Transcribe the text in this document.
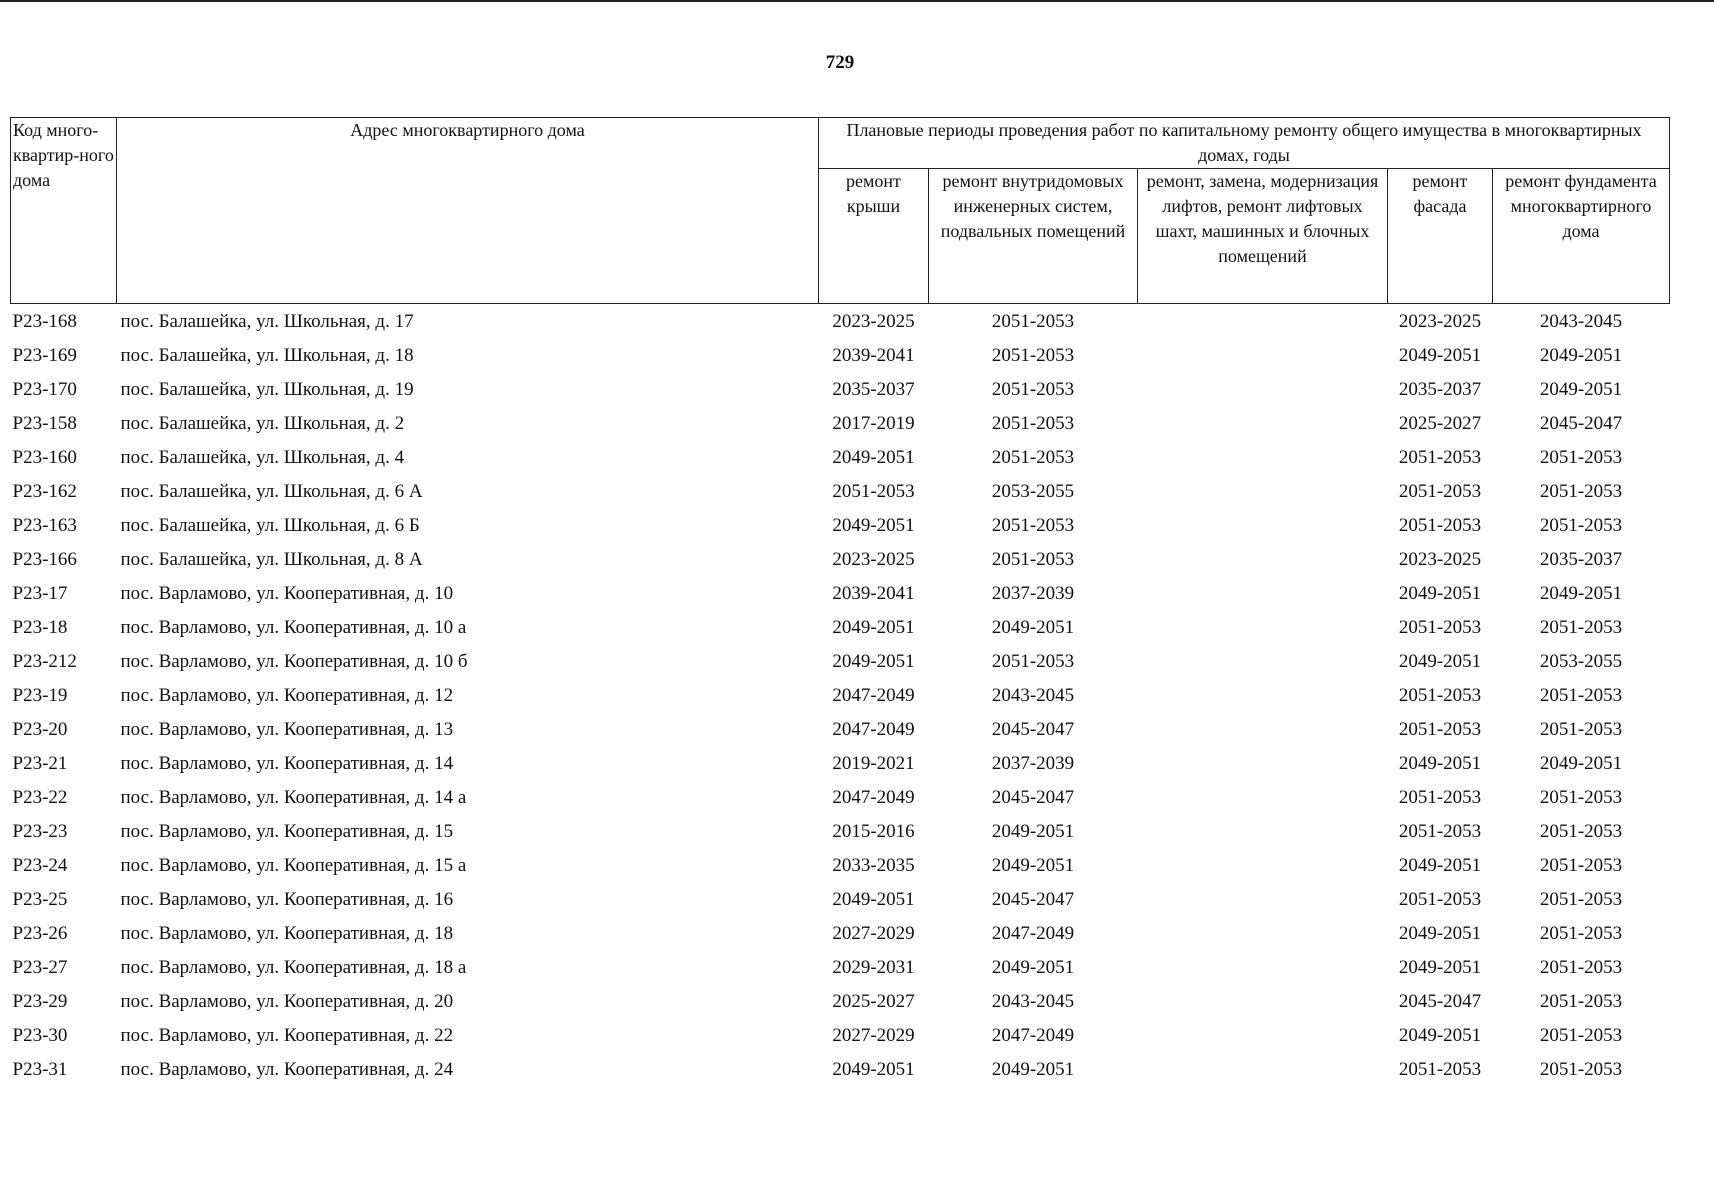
729
Код много-квартир-ного дома	Адрес многоквартирного дома	Плановые периоды проведения работ по капитальному ремонту общего имущества в многоквартирных домах, годы				
		ремонт крыши	ремонт внутридомовых инженерных систем, подвальных помещений	ремонт, замена, модернизация лифтов, ремонт лифтовых шахт, машинных и блочных помещений	ремонт фасада	ремонт фундамента многоквартирного дома
P23-168	пос. Балашейка, ул. Школьная, д. 17	2023-2025	2051-2053		2023-2025	2043-2045
P23-169	пос. Балашейка, ул. Школьная, д. 18	2039-2041	2051-2053		2049-2051	2049-2051
P23-170	пос. Балашейка, ул. Школьная, д. 19	2035-2037	2051-2053		2035-2037	2049-2051
P23-158	пос. Балашейка, ул. Школьная, д. 2	2017-2019	2051-2053		2025-2027	2045-2047
P23-160	пос. Балашейка, ул. Школьная, д. 4	2049-2051	2051-2053		2051-2053	2051-2053
P23-162	пос. Балашейка, ул. Школьная, д. 6 А	2051-2053	2053-2055		2051-2053	2051-2053
P23-163	пос. Балашейка, ул. Школьная, д. 6 Б	2049-2051	2051-2053		2051-2053	2051-2053
P23-166	пос. Балашейка, ул. Школьная, д. 8 А	2023-2025	2051-2053		2023-2025	2035-2037
P23-17	пос. Варламово, ул. Кооперативная, д. 10	2039-2041	2037-2039		2049-2051	2049-2051
P23-18	пос. Варламово, ул. Кооперативная, д. 10 а	2049-2051	2049-2051		2051-2053	2051-2053
P23-212	пос. Варламово, ул. Кооперативная, д. 10 б	2049-2051	2051-2053		2049-2051	2053-2055
P23-19	пос. Варламово, ул. Кооперативная, д. 12	2047-2049	2043-2045		2051-2053	2051-2053
P23-20	пос. Варламово, ул. Кооперативная, д. 13	2047-2049	2045-2047		2051-2053	2051-2053
P23-21	пос. Варламово, ул. Кооперативная, д. 14	2019-2021	2037-2039		2049-2051	2049-2051
P23-22	пос. Варламово, ул. Кооперативная, д. 14 а	2047-2049	2045-2047		2051-2053	2051-2053
P23-23	пос. Варламово, ул. Кооперативная, д. 15	2015-2016	2049-2051		2051-2053	2051-2053
P23-24	пос. Варламово, ул. Кооперативная, д. 15 а	2033-2035	2049-2051		2049-2051	2051-2053
P23-25	пос. Варламово, ул. Кооперативная, д. 16	2049-2051	2045-2047		2051-2053	2051-2053
P23-26	пос. Варламово, ул. Кооперативная, д. 18	2027-2029	2047-2049		2049-2051	2051-2053
P23-27	пос. Варламово, ул. Кооперативная, д. 18 а	2029-2031	2049-2051		2049-2051	2051-2053
P23-29	пос. Варламово, ул. Кооперативная, д. 20	2025-2027	2043-2045		2045-2047	2051-2053
P23-30	пос. Варламово, ул. Кооперативная, д. 22	2027-2029	2047-2049		2049-2051	2051-2053
P23-31	пос. Варламово, ул. Кооперативная, д. 24	2049-2051	2049-2051		2051-2053	2051-2053
